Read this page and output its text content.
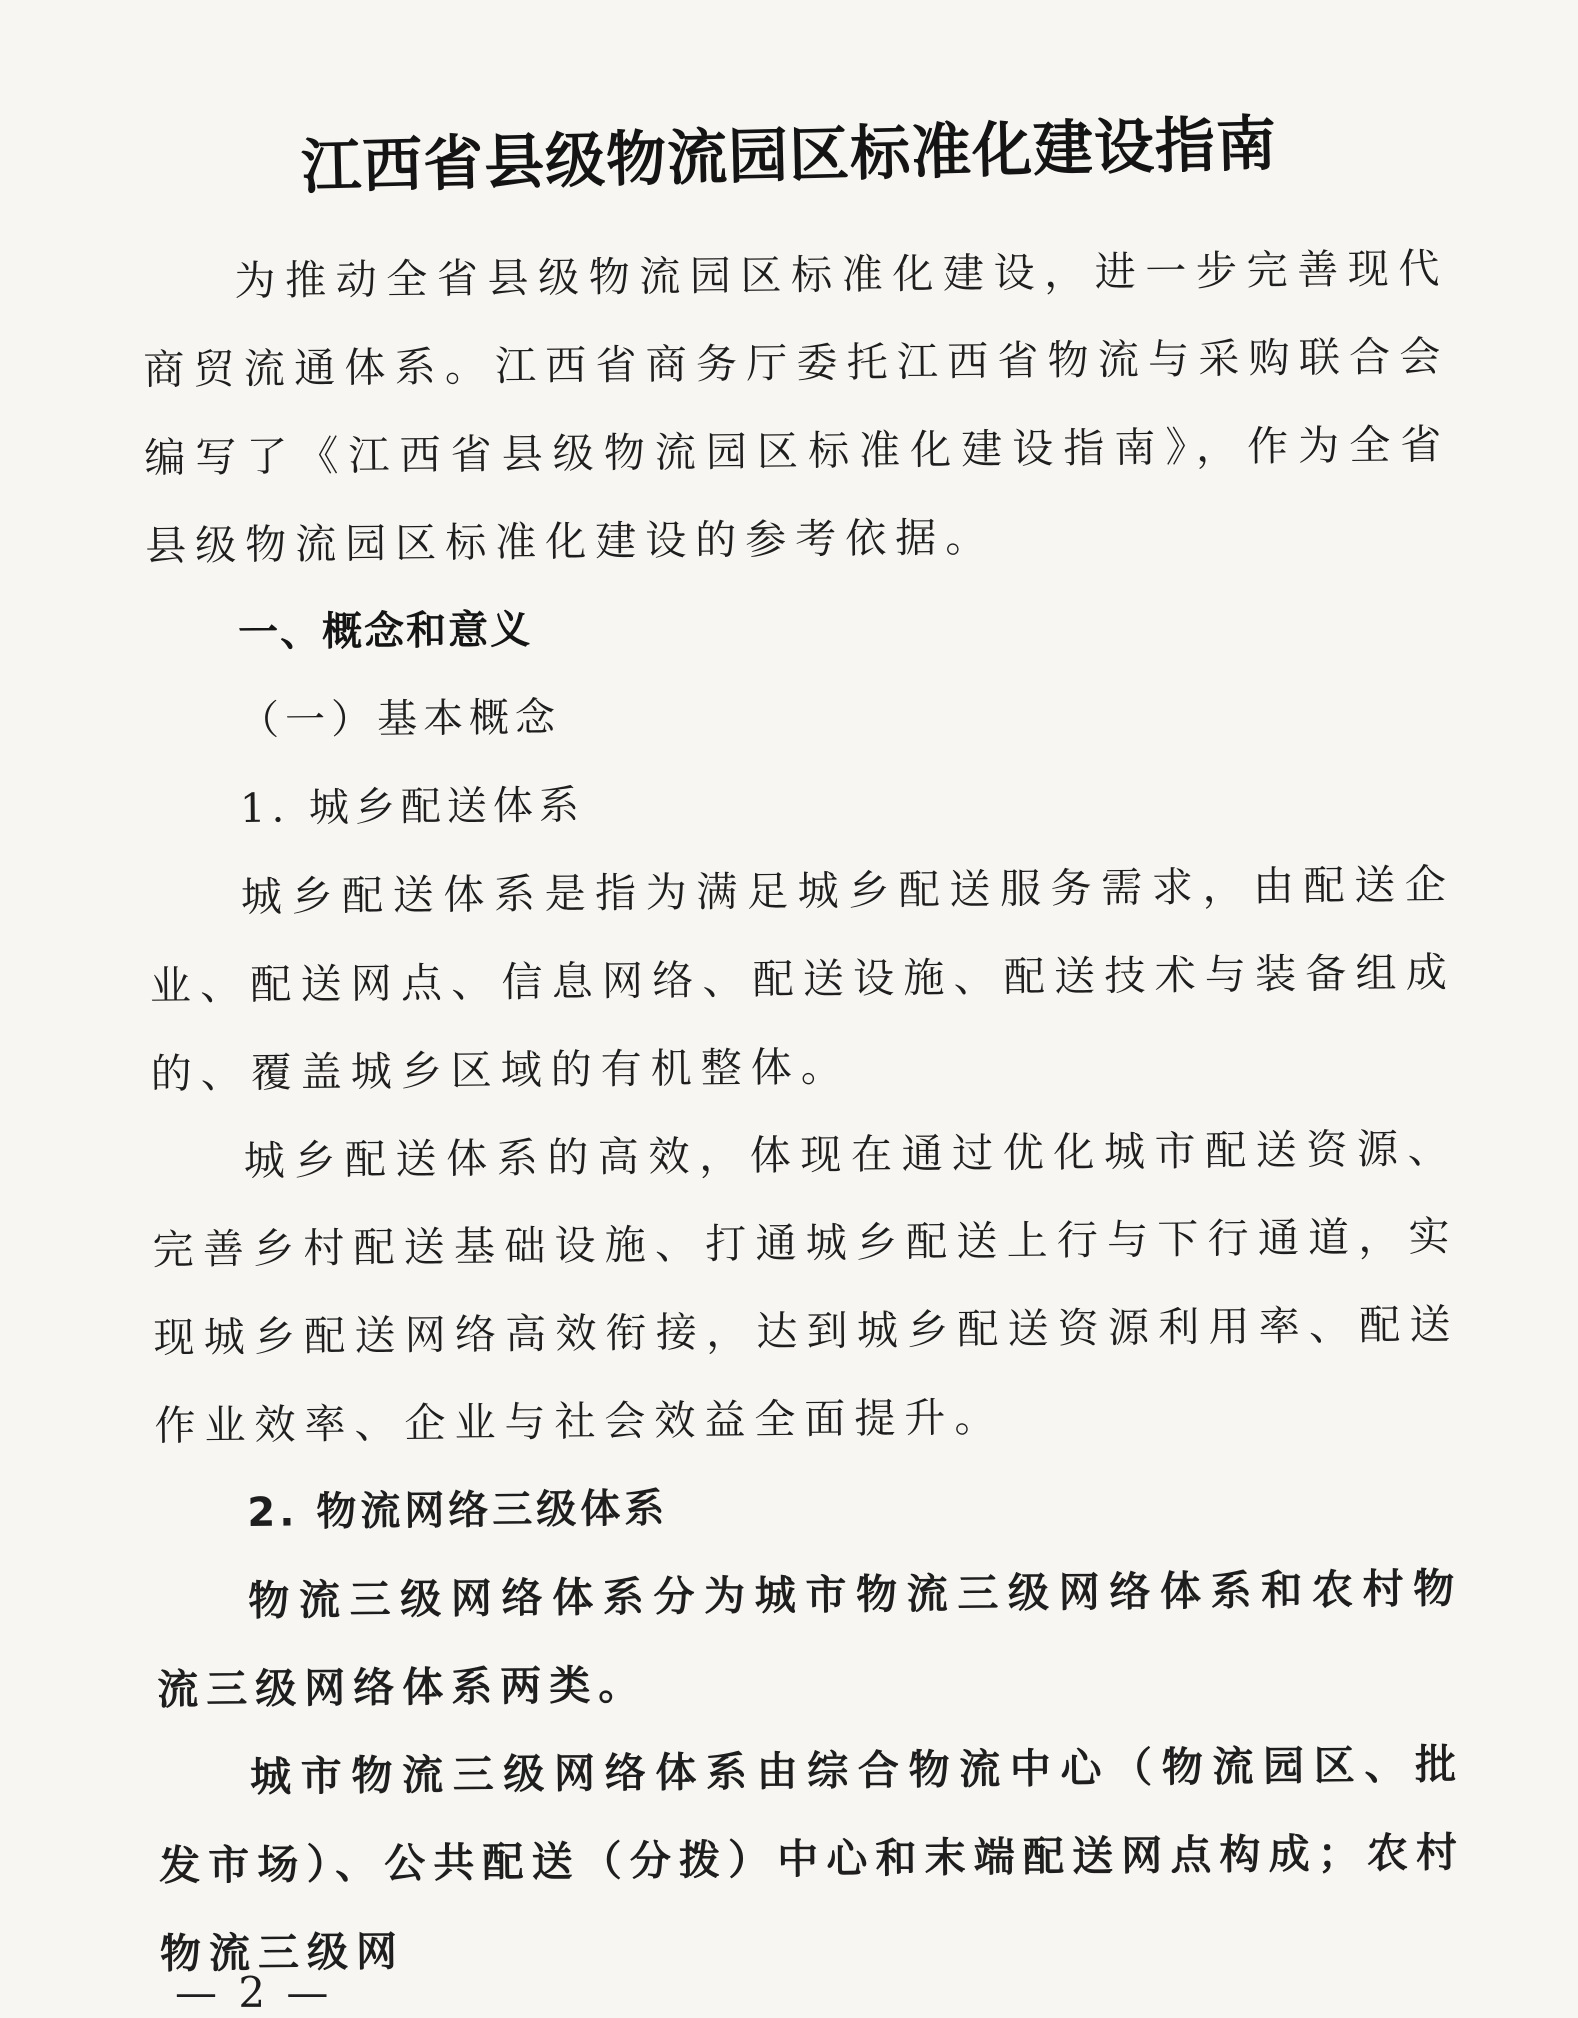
江西省县级物流园区标准化建设指南

为推动全省县级物流园区标准化建设，进一步完善现代商贸流通体系。江西省商务厅委托江西省物流与采购联合会编写了《江西省县级物流园区标准化建设指南》，作为全省县级物流园区标准化建设的参考依据。

一、概念和意义

（一）基本概念

1. 城乡配送体系

城乡配送体系是指为满足城乡配送服务需求，由配送企业、配送网点、信息网络、配送设施、配送技术与装备组成的、覆盖城乡区域的有机整体。

城乡配送体系的高效，体现在通过优化城市配送资源、完善乡村配送基础设施、打通城乡配送上行与下行通道，实现城乡配送网络高效衔接，达到城乡配送资源利用率、配送作业效率、企业与社会效益全面提升。

2. 物流网络三级体系

物流三级网络体系分为城市物流三级网络体系和农村物流三级网络体系两类。

城市物流三级网络体系由综合物流中心（物流园区、批发市场）、公共配送（分拨）中心和末端配送网点构成；农村物流三级网

— 2 —
